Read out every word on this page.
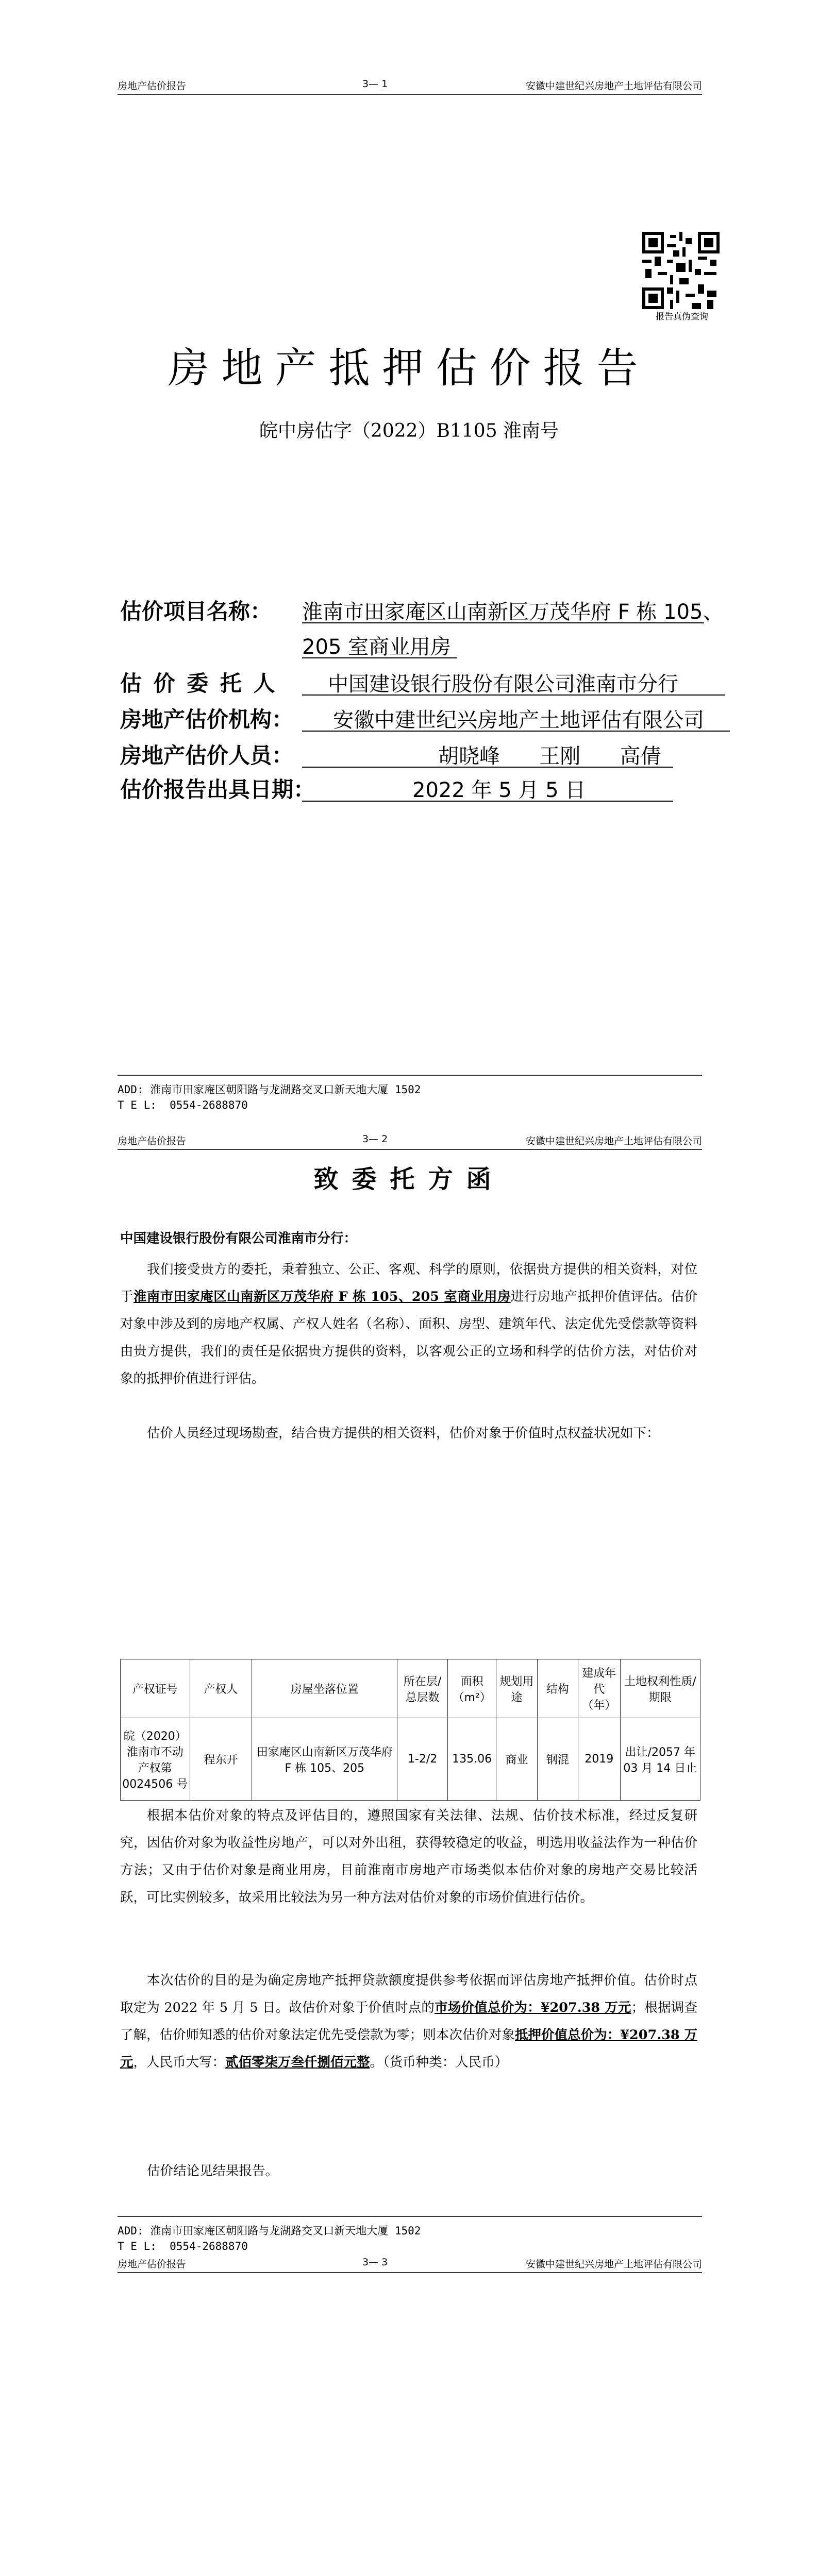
房地产估价报告	3— 1	安徽中建世纪兴房地产土地评估有限公司
报告真伪查询
房地产抵押估价报告
皖中房估字（2022）B1105 淮南号
估价项目名称： 淮南市田家庵区山南新区万茂华府 F 栋 105、
205 室商业用房
估 价 委 托 人 中国建设银行股份有限公司淮南市分行
房地产估价机构： 安徽中建世纪兴房地产土地评估有限公司
房地产估价人员：	胡晓峰      王刚      高倩
估价报告出具日期：	2022 年 5 月 5 日
ADD: 淮南市田家庵区朝阳路与龙湖路交叉口新天地大厦 1502
T E L:  0554-2688870
房地产估价报告	3— 2	安徽中建世纪兴房地产土地评估有限公司
致委托方函
中国建设银行股份有限公司淮南市分行：
我们接受贵方的委托，秉着独立、公正、客观、科学的原则，依据贵方提供的相关资料，对位于淮南市田家庵区山南新区万茂华府 F 栋 105、205 室商业用房进行房地产抵押价值评估。估价对象中涉及到的房地产权属、产权人姓名（名称）、面积、房型、建筑年代、法定优先受偿款等资料由贵方提供，我们的责任是依据贵方提供的资料，以客观公正的立场和科学的估价方法，对估价对象的抵押价值进行评估。
估价人员经过现场勘查，结合贵方提供的相关资料，估价对象于价值时点权益状况如下：
产权证号	产权人	房屋坐落位置	所在层/总层数	面积（m²）	规划用途	结构	建成年代（年）	土地权利性质/期限
皖（2020）淮南市不动产权第0024506 号	程东开	田家庵区山南新区万茂华府 F 栋 105、205	1-2/2	135.06	商业	钢混	2019	出让/2057 年 03 月 14 日止
根据本估价对象的特点及评估目的，遵照国家有关法律、法规、估价技术标准，经过反复研究，因估价对象为收益性房地产，可以对外出租，获得较稳定的收益，明选用收益法作为一种估价方法；又由于估价对象是商业用房，目前淮南市房地产市场类似本估价对象的房地产交易比较活跃，可比实例较多，故采用比较法为另一种方法对估价对象的市场价值进行估价。
本次估价的目的是为确定房地产抵押贷款额度提供参考依据而评估房地产抵押价值。估价时点取定为 2022 年 5 月 5 日。故估价对象于价值时点的市场价值总价为：¥207.38 万元；根据调查了解，估价师知悉的估价对象法定优先受偿款为零；则本次估价对象抵押价值总价为：¥207.38 万元，人民币大写：贰佰零柒万叁仟捌佰元整。（货币种类：人民币）
估价结论见结果报告。
ADD: 淮南市田家庵区朝阳路与龙湖路交叉口新天地大厦 1502
T E L:  0554-2688870
房地产估价报告	3— 3	安徽中建世纪兴房地产土地评估有限公司
